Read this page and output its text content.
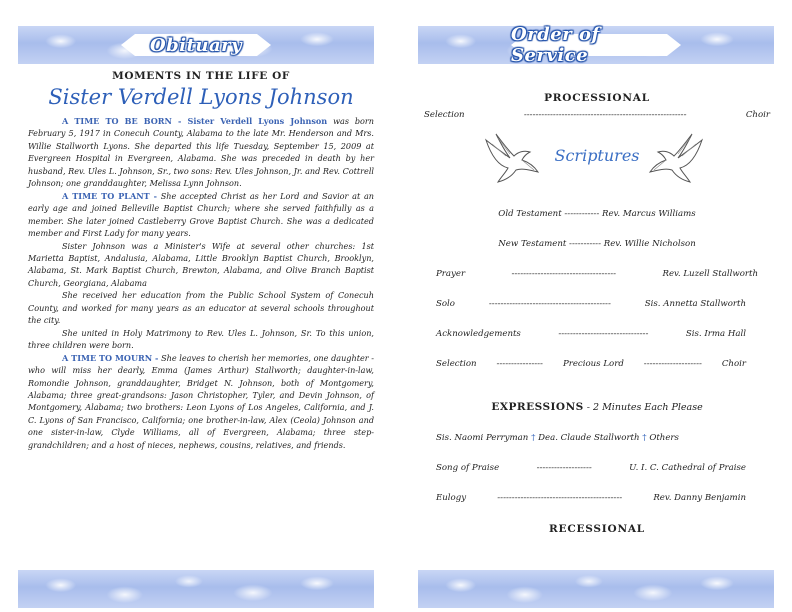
Obituary	Order of Service
MOMENTS IN THE LIFE OF
Sister Verdell Lyons Johnson

A TIME TO BE BORN - Sister Verdell Lyons Johnson was born February 5, 1917 in Conecuh County, Alabama to the late Mr. Henderson and Mrs. Willie Stallworth Lyons. She departed this life Tuesday, September 15, 2009 at Evergreen Hospital in Evergreen, Alabama. She was preceded in death by her husband, Rev. Ules L. Johnson, Sr., two sons: Rev. Ules Johnson, Jr. and Rev. Cottrell Johnson; one granddaughter, Melissa Lynn Johnson.

A TIME TO PLANT - She accepted Christ as her Lord and Savior at an early age and joined Belleville Baptist Church; where she served faithfully as a member. She later joined Castleberry Grove Baptist Church. She was a dedicated member and First Lady for many years.

Sister Johnson was a Minister's Wife at several other churches: 1st Marietta Baptist, Andalusia, Alabama, Little Brooklyn Baptist Church, Brooklyn, Alabama, St. Mark Baptist Church, Brewton, Alabama, and Olive Branch Baptist Church, Georgiana, Alabama

She received her education from the Public School System of Conecuh County, and worked for many years as an educator at several schools throughout the city.

She united in Holy Matrimony to Rev. Ules L. Johnson, Sr. To this union, three children were born.

A TIME TO MOURN - She leaves to cherish her memories, one daughter - who will miss her dearly, Emma (James Arthur) Stallworth; daughter-in-law, Romondie Johnson, granddaughter, Bridget N. Johnson, both of Montgomery, Alabama; three great-grandsons: Jason Christopher, Tyler, and Devin Johnson, of Montgomery, Alabama; two brothers: Leon Lyons of Los Angeles, California, and J. C. Lyons of San Francisco, California; one brother-in-law, Alex (Ceola) Johnson and one sister-in-law, Clyde Williams, all of Evergreen, Alabama; three step-grandchildren; and a host of nieces, nephews, cousins, relatives, and friends.

PROCESSIONAL
Selection	--------------------------------------------------------	Choir
Scriptures
Old Testament ------------ Rev. Marcus Williams
New Testament ----------- Rev. Willie Nicholson
Prayer	------------------------------------	Rev. Luzell Stallworth
Solo	------------------------------------------	Sis. Annetta Stallworth
Acknowledgements	-------------------------------	Sis. Irma Hall
Selection ---------------- Precious Lord -------------------- Choir
EXPRESSIONS - 2 Minutes Each Please
Sis. Naomi Perryman † Dea. Claude Stallworth † Others
Song of Praise	-------------------	U. I. C. Cathedral of Praise
Eulogy	-------------------------------------------	Rev. Danny Benjamin
RECESSIONAL
